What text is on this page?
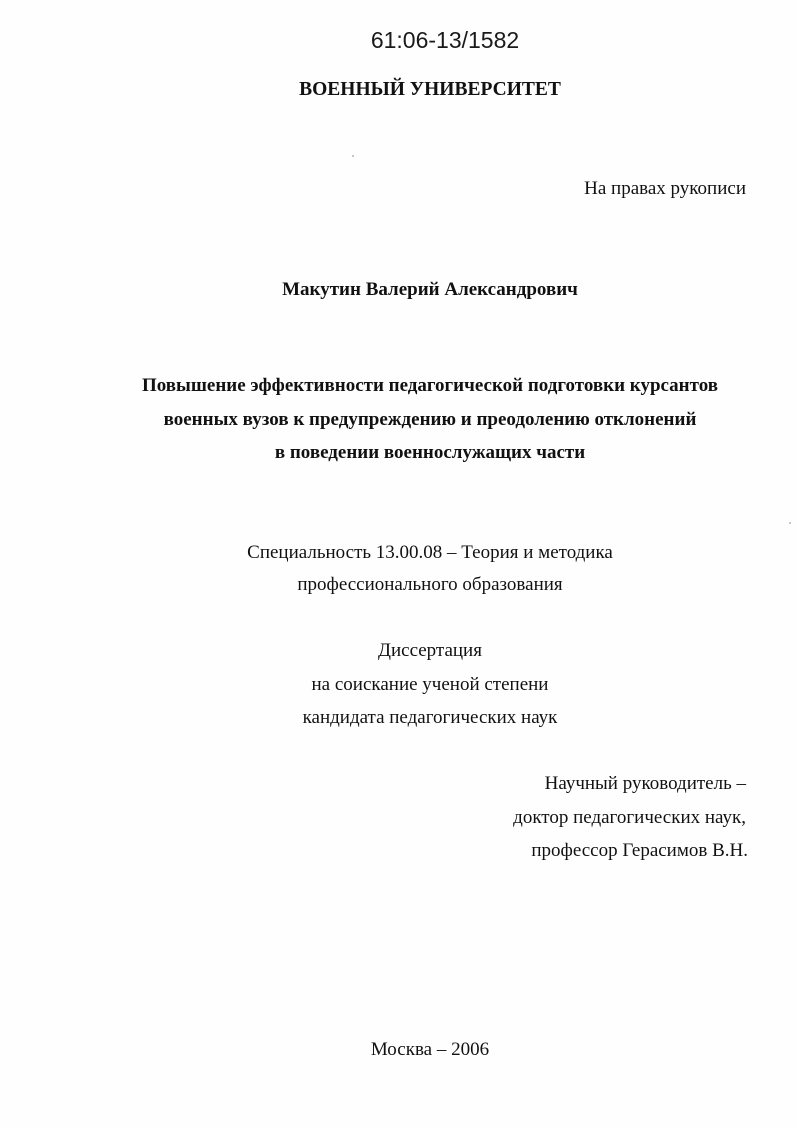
61:06-13/1582
ВОЕННЫЙ УНИВЕРСИТЕТ
На правах рукописи
Макутин Валерий Александрович
Повышение эффективности педагогической подготовки курсантов
военных вузов к предупреждению и преодолению отклонений
в поведении военнослужащих части
Специальность 13.00.08 – Теория и методика
профессионального образования
Диссертация
на соискание ученой степени
кандидата педагогических наук
Научный руководитель –
доктор педагогических наук,
профессор Герасимов В.Н.
Москва – 2006
